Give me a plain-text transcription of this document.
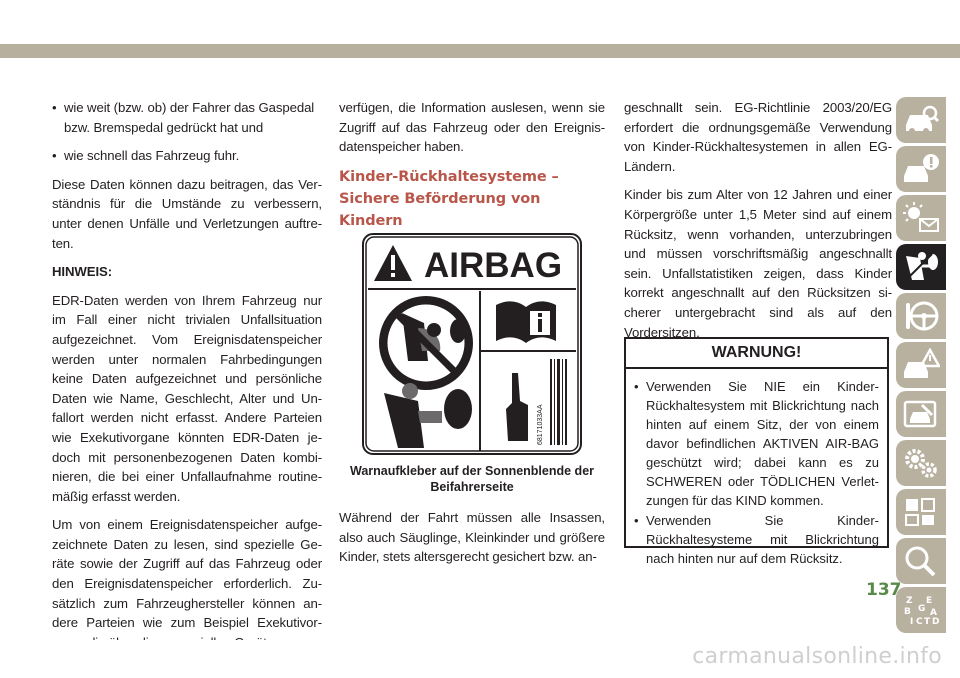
• wie weit (bzw. ob) der Fahrer das Gaspedal bzw. Bremspedal gedrückt hat und

• wie schnell das Fahrzeug fuhr.

Diese Daten können dazu beitragen, das Ver-ständnis für die Umstände zu verbessern, unter denen Unfälle und Verletzungen auftre-ten.

HINWEIS:

EDR-Daten werden von Ihrem Fahrzeug nur im Fall einer nicht trivialen Unfallsituation aufgezeichnet. Vom Ereignisdatenspeicher werden unter normalen Fahrbedingungen keine Daten aufgezeichnet und persönliche Daten wie Name, Geschlecht, Alter und Un-fallort werden nicht erfasst. Andere Parteien wie Exekutivorgane könnten EDR-Daten je-doch mit personenbezogenen Daten kombi-nieren, die bei einer Unfallaufnahme routine-mäßig erfasst werden.

Um von einem Ereignisdatenspeicher aufge-zeichnete Daten zu lesen, sind spezielle Ge-räte sowie der Zugriff auf das Fahrzeug oder den Ereignisdatenspeicher erforderlich. Zu-sätzlich zum Fahrzeughersteller können an-dere Parteien wie zum Beispiel Exekutivor-

verfügen, die Information auslesen, wenn sie Zugriff auf das Fahrzeug oder den Ereignis-datenspeicher haben.

Kinder-Rückhaltesysteme – Sichere Beförderung von Kindern
AIRBAG
68171033AA
Warnaufkleber auf der Sonnenblende der Beifahrerseite

Während der Fahrt müssen alle Insassen, also auch Säuglinge, Kleinkinder und größere Kinder, stets altersgerecht gesichert bzw. an-

geschnallt sein. EG-Richtlinie 2003/20/EG erfordert die ordnungsgemäße Verwendung von Kinder-Rückhaltesystemen in allen EG-Ländern.

Kinder bis zum Alter von 12 Jahren und einer Körpergröße unter 1,5 Meter sind auf einem Rücksitz, wenn vorhanden, unterzubringen und müssen vorschriftsmäßig angeschnallt sein. Unfallstatistiken zeigen, dass Kinder korrekt angeschnallt auf den Rücksitzen si-cherer untergebracht sind als auf den Vordersitzen.

WARNUNG!
• Verwenden Sie NIE ein Kinder-Rückhaltesystem mit Blickrichtung nach hinten auf einem Sitz, der von einem davor befindlichen AKTIVEN AIR-BAG geschützt wird; dabei kann es zu SCHWEREN oder TÖDLICHEN Verlet-zungen für das KIND kommen.
• Verwenden Sie Kinder-Rückhaltesysteme mit Blickrichtung nach hinten nur auf dem Rücksitz.
Z E
B G A
I C T D
137
carmanualsonline.info
